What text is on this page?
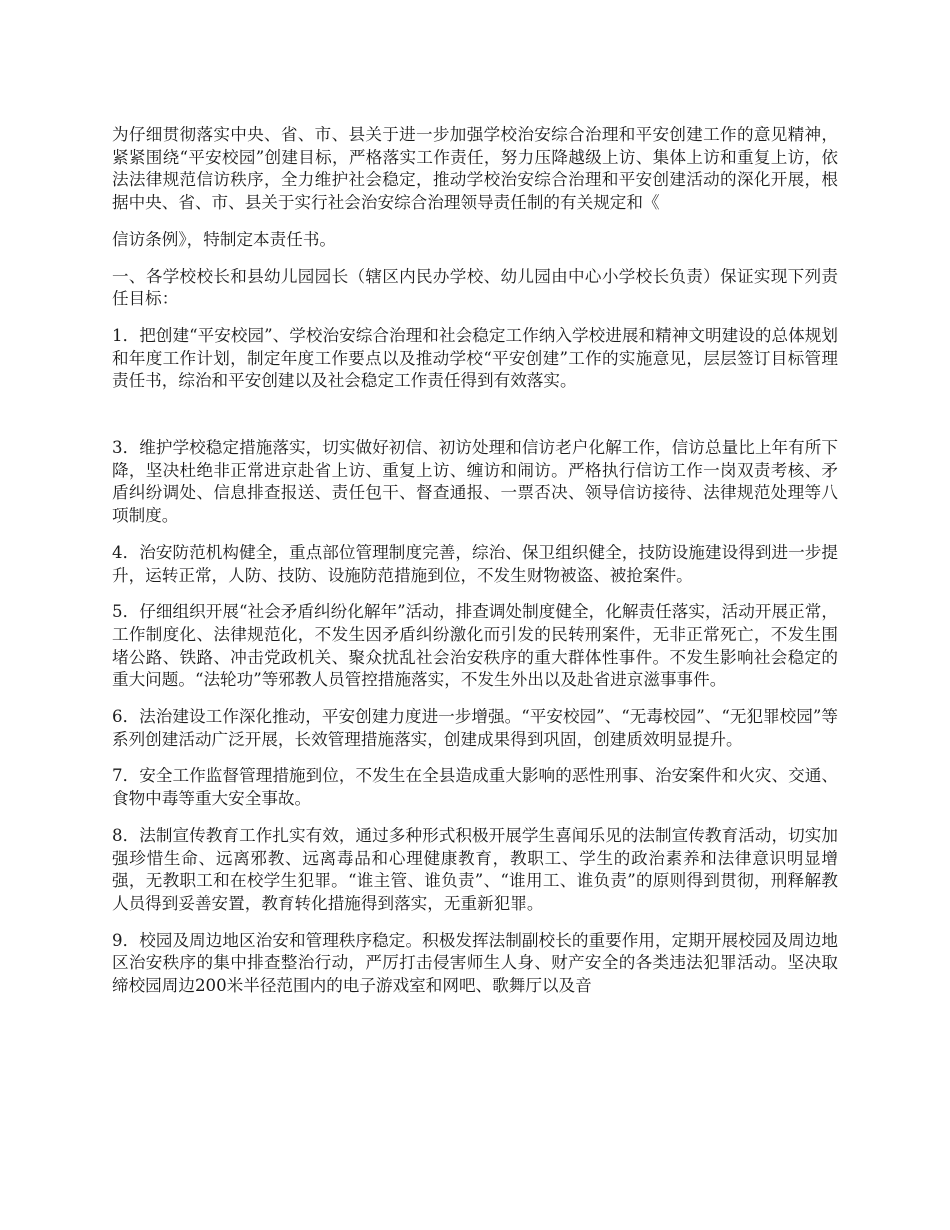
为仔细贯彻落实中央、省、市、县关于进一步加强学校治安综合治理和平安创建工作的意见精神，紧紧围绕“平安校园”创建目标，严格落实工作责任，努力压降越级上访、集体上访和重复上访，依法法律规范信访秩序，全力维护社会稳定，推动学校治安综合治理和平安创建活动的深化开展，根据中央、省、市、县关于实行社会治安综合治理领导责任制的有关规定和《

信访条例》，特制定本责任书。

一、各学校校长和县幼儿园园长（辖区内民办学校、幼儿园由中心小学校长负责）保证实现下列责任目标：

1．把创建“平安校园”、学校治安综合治理和社会稳定工作纳入学校进展和精神文明建设的总体规划和年度工作计划，制定年度工作要点以及推动学校“平安创建”工作的实施意见，层层签订目标管理责任书，综治和平安创建以及社会稳定工作责任得到有效落实。

3．维护学校稳定措施落实，切实做好初信、初访处理和信访老户化解工作，信访总量比上年有所下降，坚决杜绝非正常进京赴省上访、重复上访、缠访和闹访。严格执行信访工作一岗双责考核、矛盾纠纷调处、信息排查报送、责任包干、督查通报、一票否决、领导信访接待、法律规范处理等八项制度。

4．治安防范机构健全，重点部位管理制度完善，综治、保卫组织健全，技防设施建设得到进一步提升，运转正常，人防、技防、设施防范措施到位，不发生财物被盗、被抢案件。

5．仔细组织开展“社会矛盾纠纷化解年”活动，排查调处制度健全，化解责任落实，活动开展正常，工作制度化、法律规范化，不发生因矛盾纠纷激化而引发的民转刑案件，无非正常死亡，不发生围堵公路、铁路、冲击党政机关、聚众扰乱社会治安秩序的重大群体性事件。不发生影响社会稳定的重大问题。“法轮功”等邪教人员管控措施落实，不发生外出以及赴省进京滋事事件。

6．法治建设工作深化推动，平安创建力度进一步增强。“平安校园”、“无毒校园”、“无犯罪校园”等系列创建活动广泛开展，长效管理措施落实，创建成果得到巩固，创建质效明显提升。

7．安全工作监督管理措施到位，不发生在全县造成重大影响的恶性刑事、治安案件和火灾、交通、食物中毒等重大安全事故。

8．法制宣传教育工作扎实有效，通过多种形式积极开展学生喜闻乐见的法制宣传教育活动，切实加强珍惜生命、远离邪教、远离毒品和心理健康教育，教职工、学生的政治素养和法律意识明显增强，无教职工和在校学生犯罪。“谁主管、谁负责”、“谁用工、谁负责”的原则得到贯彻，刑释解教人员得到妥善安置，教育转化措施得到落实，无重新犯罪。

9．校园及周边地区治安和管理秩序稳定。积极发挥法制副校长的重要作用，定期开展校园及周边地区治安秩序的集中排查整治行动，严厉打击侵害师生人身、财产安全的各类违法犯罪活动。坚决取缔校园周边200米半径范围内的电子游戏室和网吧、歌舞厅以及音
